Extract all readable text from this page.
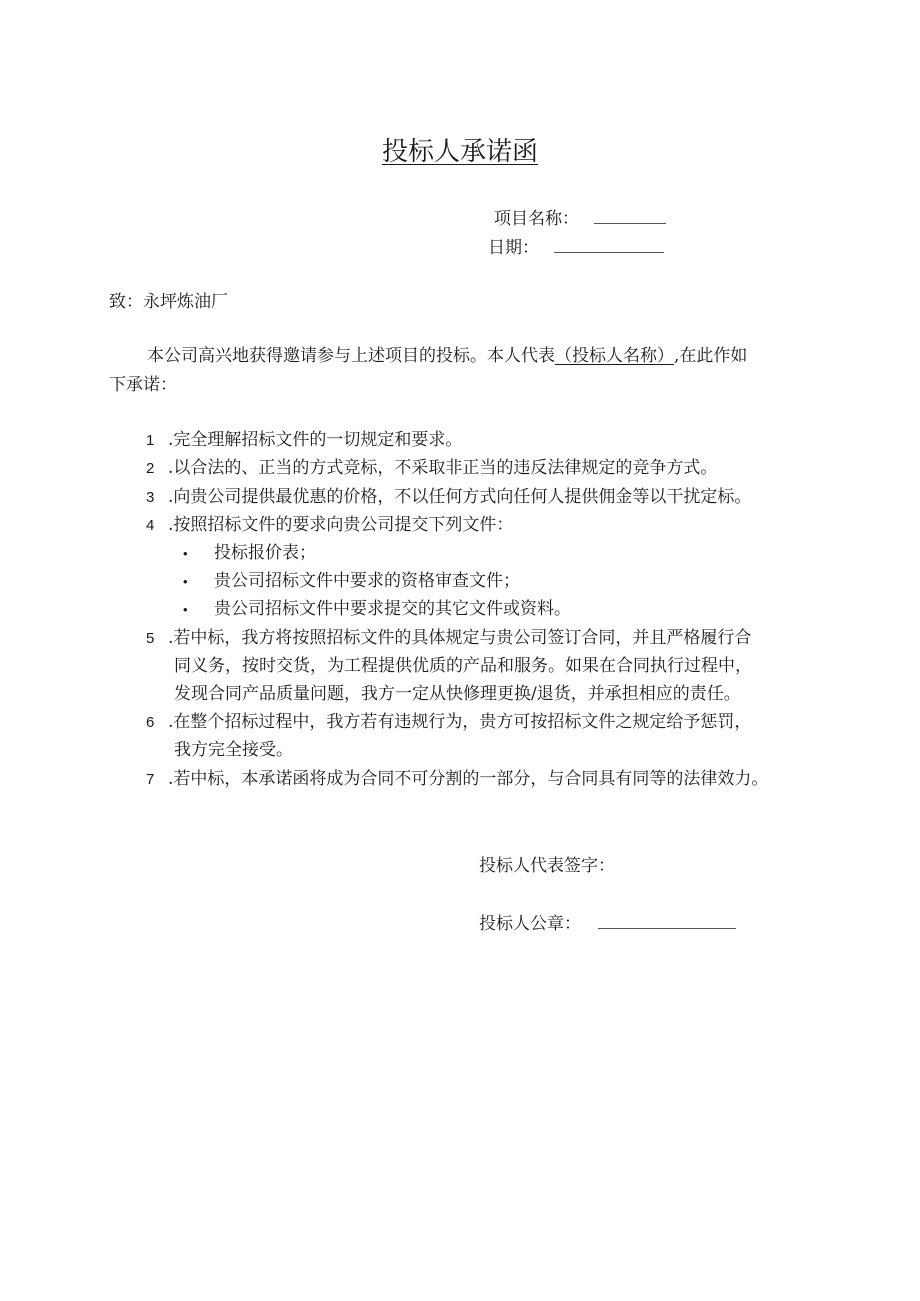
投标人承诺函
项目名称：
日期：
致：永坪炼油厂
本公司高兴地获得邀请参与上述项目的投标。本人代表（投标人名称）,在此作如
下承诺：
1 .完全理解招标文件的一切规定和要求。
2 .以合法的、正当的方式竞标，不采取非正当的违反法律规定的竞争方式。
3 .向贵公司提供最优惠的价格，不以任何方式向任何人提供佣金等以干扰定标。
4 .按照招标文件的要求向贵公司提交下列文件：
• 投标报价表；
• 贵公司招标文件中要求的资格审查文件；
• 贵公司招标文件中要求提交的其它文件或资料。
5 .若中标，我方将按照招标文件的具体规定与贵公司签订合同，并且严格履行合
同义务，按时交货，为工程提供优质的产品和服务。如果在合同执行过程中，
发现合同产品质量问题，我方一定从快修理更换/退货，并承担相应的责任。
6 .在整个招标过程中，我方若有违规行为，贵方可按招标文件之规定给予惩罚，
我方完全接受。
7 .若中标，本承诺函将成为合同不可分割的一部分，与合同具有同等的法律效力。
投标人代表签字：
投标人公章：
